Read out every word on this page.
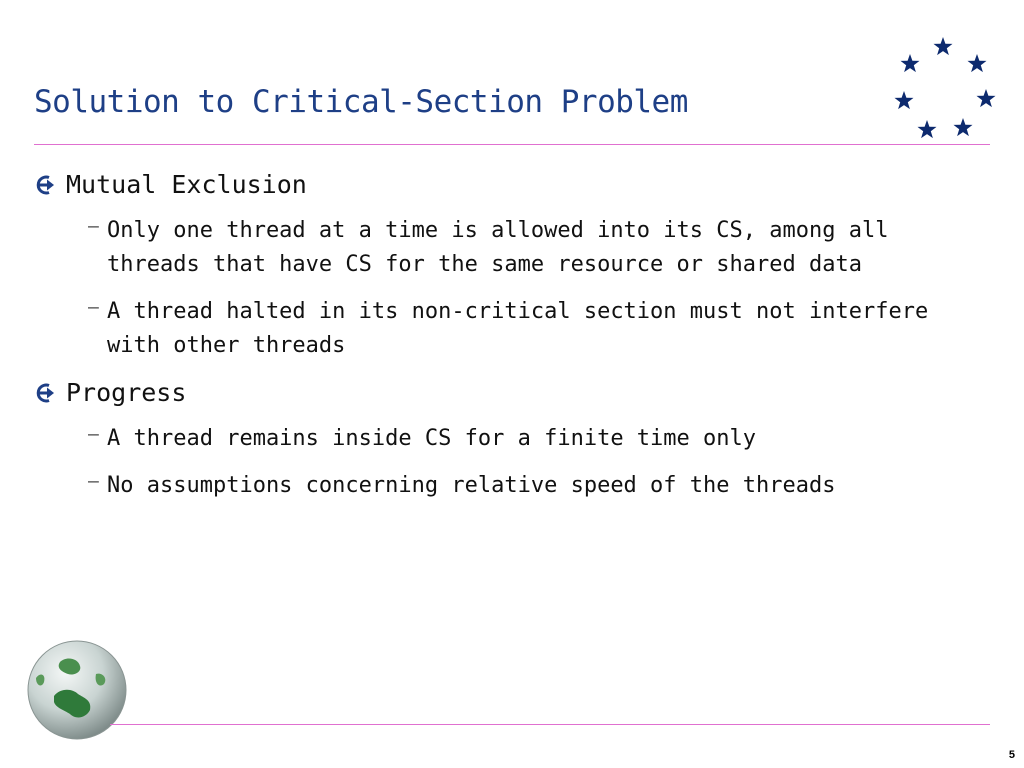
Solution to Critical-Section Problem
Mutual Exclusion
– Only one thread at a time is allowed into its CS, among all threads that have CS for the same resource or shared data
– A thread halted in its non-critical section must not interfere with other threads
Progress
– A thread remains inside CS for a finite time only
– No assumptions concerning relative speed of the threads
5
